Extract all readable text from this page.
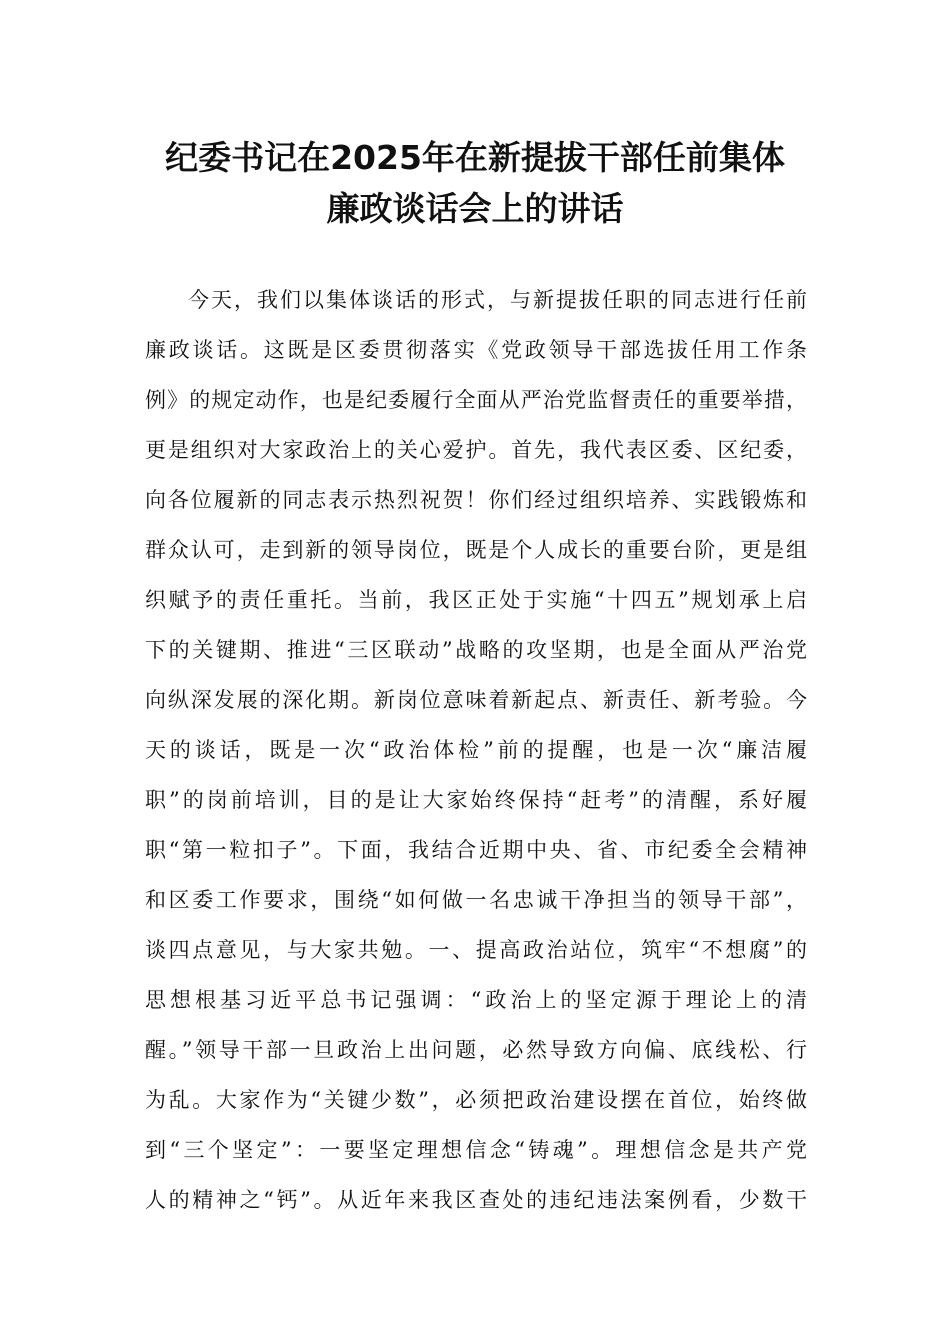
纪委书记在2025年在新提拔干部任前集体
廉政谈话会上的讲话
今天，我们以集体谈话的形式，与新提拔任职的同志进行任前
廉政谈话。这既是区委贯彻落实《党政领导干部选拔任用工作条
例》的规定动作，也是纪委履行全面从严治党监督责任的重要举措，
更是组织对大家政治上的关心爱护。首先，我代表区委、区纪委，
向各位履新的同志表示热烈祝贺！你们经过组织培养、实践锻炼和
群众认可，走到新的领导岗位，既是个人成长的重要台阶，更是组
织赋予的责任重托。当前，我区正处于实施“十四五”规划承上启
下的关键期、推进“三区联动”战略的攻坚期，也是全面从严治党
向纵深发展的深化期。新岗位意味着新起点、新责任、新考验。今
天的谈话，既是一次“政治体检”前的提醒，也是一次“廉洁履
职”的岗前培训，目的是让大家始终保持“赶考”的清醒，系好履
职“第一粒扣子”。下面，我结合近期中央、省、市纪委全会精神
和区委工作要求，围绕“如何做一名忠诚干净担当的领导干部”，
谈四点意见，与大家共勉。一、提高政治站位，筑牢“不想腐”的
思想根基习近平总书记强调：“政治上的坚定源于理论上的清
醒。”领导干部一旦政治上出问题，必然导致方向偏、底线松、行
为乱。大家作为“关键少数”，必须把政治建设摆在首位，始终做
到“三个坚定”：一要坚定理想信念“铸魂”。理想信念是共产党
人的精神之“钙”。从近年来我区查处的违纪违法案例看，少数干
